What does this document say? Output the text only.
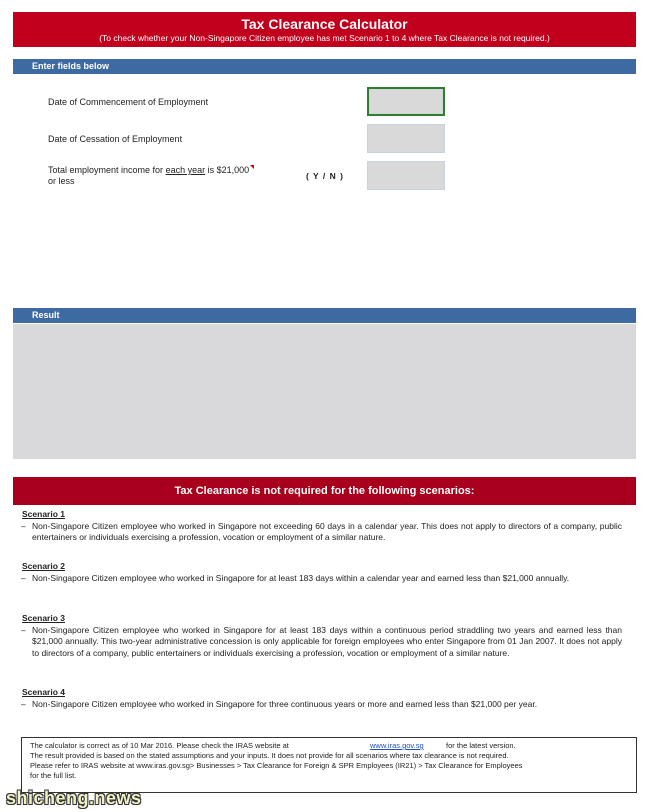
Tax Clearance Calculator
(To check whether your Non-Singapore Citizen employee has met Scenario 1 to 4 where Tax Clearance is not required.)
Enter fields below
Date of Commencement of Employment
Date of Cessation of Employment
Total employment income for each year is $21,000
or less	( Y / N )
Result
Tax Clearance is not required for the following scenarios:
Scenario 1
– Non-Singapore Citizen employee who worked in Singapore not exceeding 60 days in a calendar year. This does not apply to directors of a company, public entertainers or individuals exercising a profession, vocation or employment of a similar nature.
Scenario 2
– Non-Singapore Citizen employee who worked in Singapore for at least 183 days within a calendar year and earned less than $21,000 annually.
Scenario 3
– Non-Singapore Citizen employee who worked in Singapore for at least 183 days within a continuous period straddling two years and earned less than $21,000 annually. This two-year administrative concession is only applicable for foreign employees who enter Singapore from 01 Jan 2007. It does not apply to directors of a company, public entertainers or individuals exercising a profession, vocation or employment of a similar nature.
Scenario 4
– Non-Singapore Citizen employee who worked in Singapore for three continuous years or more and earned less than $21,000 per year.
The calculator is correct as of 10 Mar 2016. Please check the IRAS website at	www.iras.gov.sg	for the latest version.
The result provided is based on the stated assumptions and your inputs. It does not provide for all scenarios where tax clearance is not required.
Please refer to IRAS website at www.iras.gov.sg> Businesses > Tax Clearance for Foreign & SPR Employees (IR21) > Tax Clearance for Employees
for the full list.
shicheng.news
